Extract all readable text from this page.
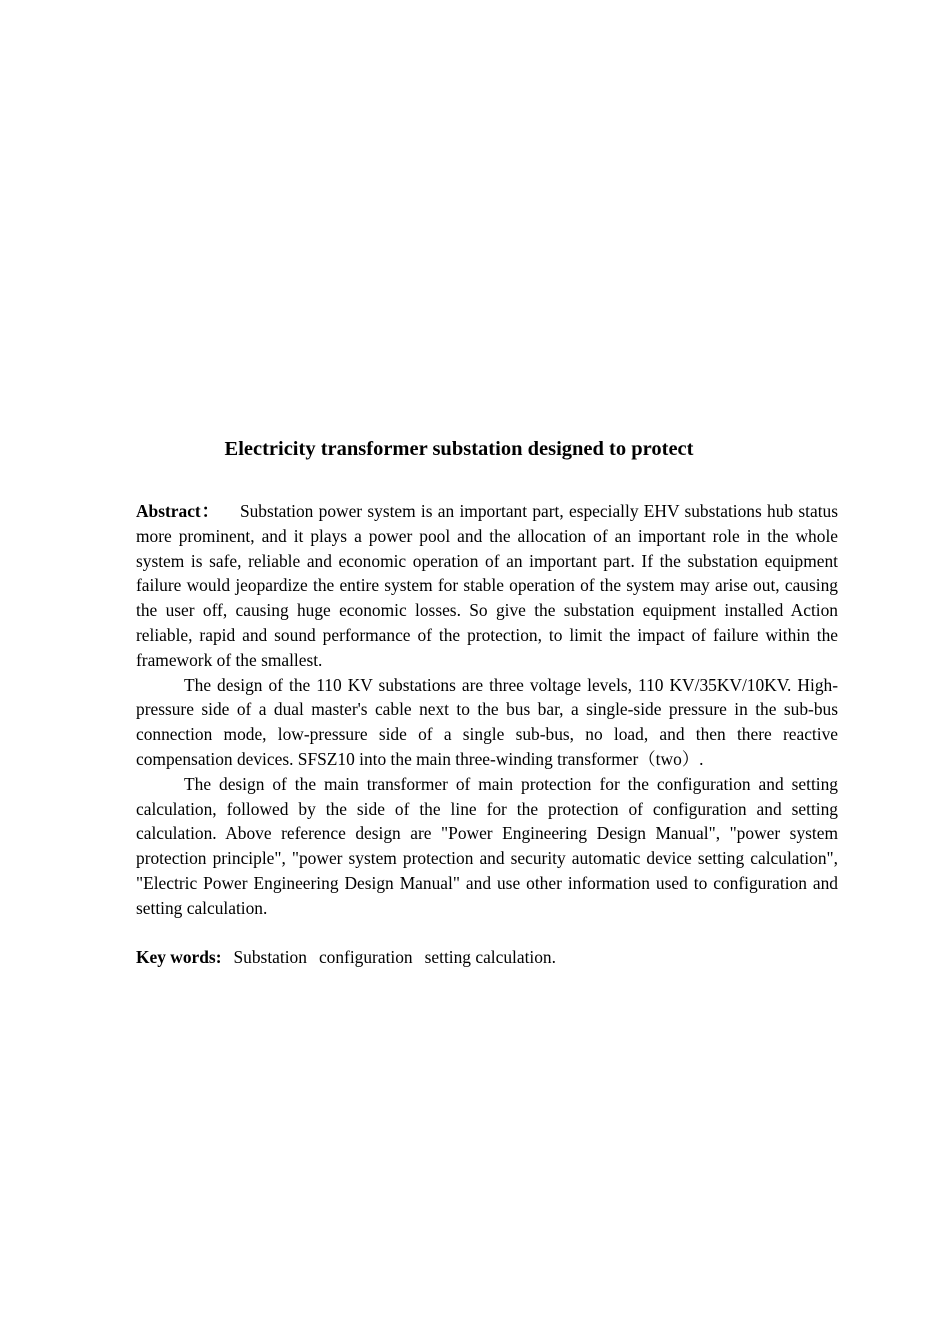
Electricity transformer substation designed to protect

Abstract： Substation power system is an important part, especially EHV substations hub status more prominent, and it plays a power pool and the allocation of an important role in the whole system is safe, reliable and economic operation of an important part. If the substation equipment failure would jeopardize the entire system for stable operation of the system may arise out, causing the user off, causing huge economic losses. So give the substation equipment installed Action reliable, rapid and sound performance of the protection, to limit the impact of failure within the framework of the smallest.

The design of the 110 KV substations are three voltage levels, 110 KV/35KV/10KV. High-pressure side of a dual master's cable next to the bus bar, a single-side pressure in the sub-bus connection mode, low-pressure side of a single sub-bus, no load, and then there reactive compensation devices. SFSZ10 into the main three-winding transformer（two）.

The design of the main transformer of main protection for the configuration and setting calculation, followed by the side of the line for the protection of configuration and setting calculation. Above reference design are "Power Engineering Design Manual", "power system protection principle", "power system protection and security automatic device setting calculation", "Electric Power Engineering Design Manual" and use other information used to configuration and setting calculation.

Key words: Substation configuration setting calculation.
